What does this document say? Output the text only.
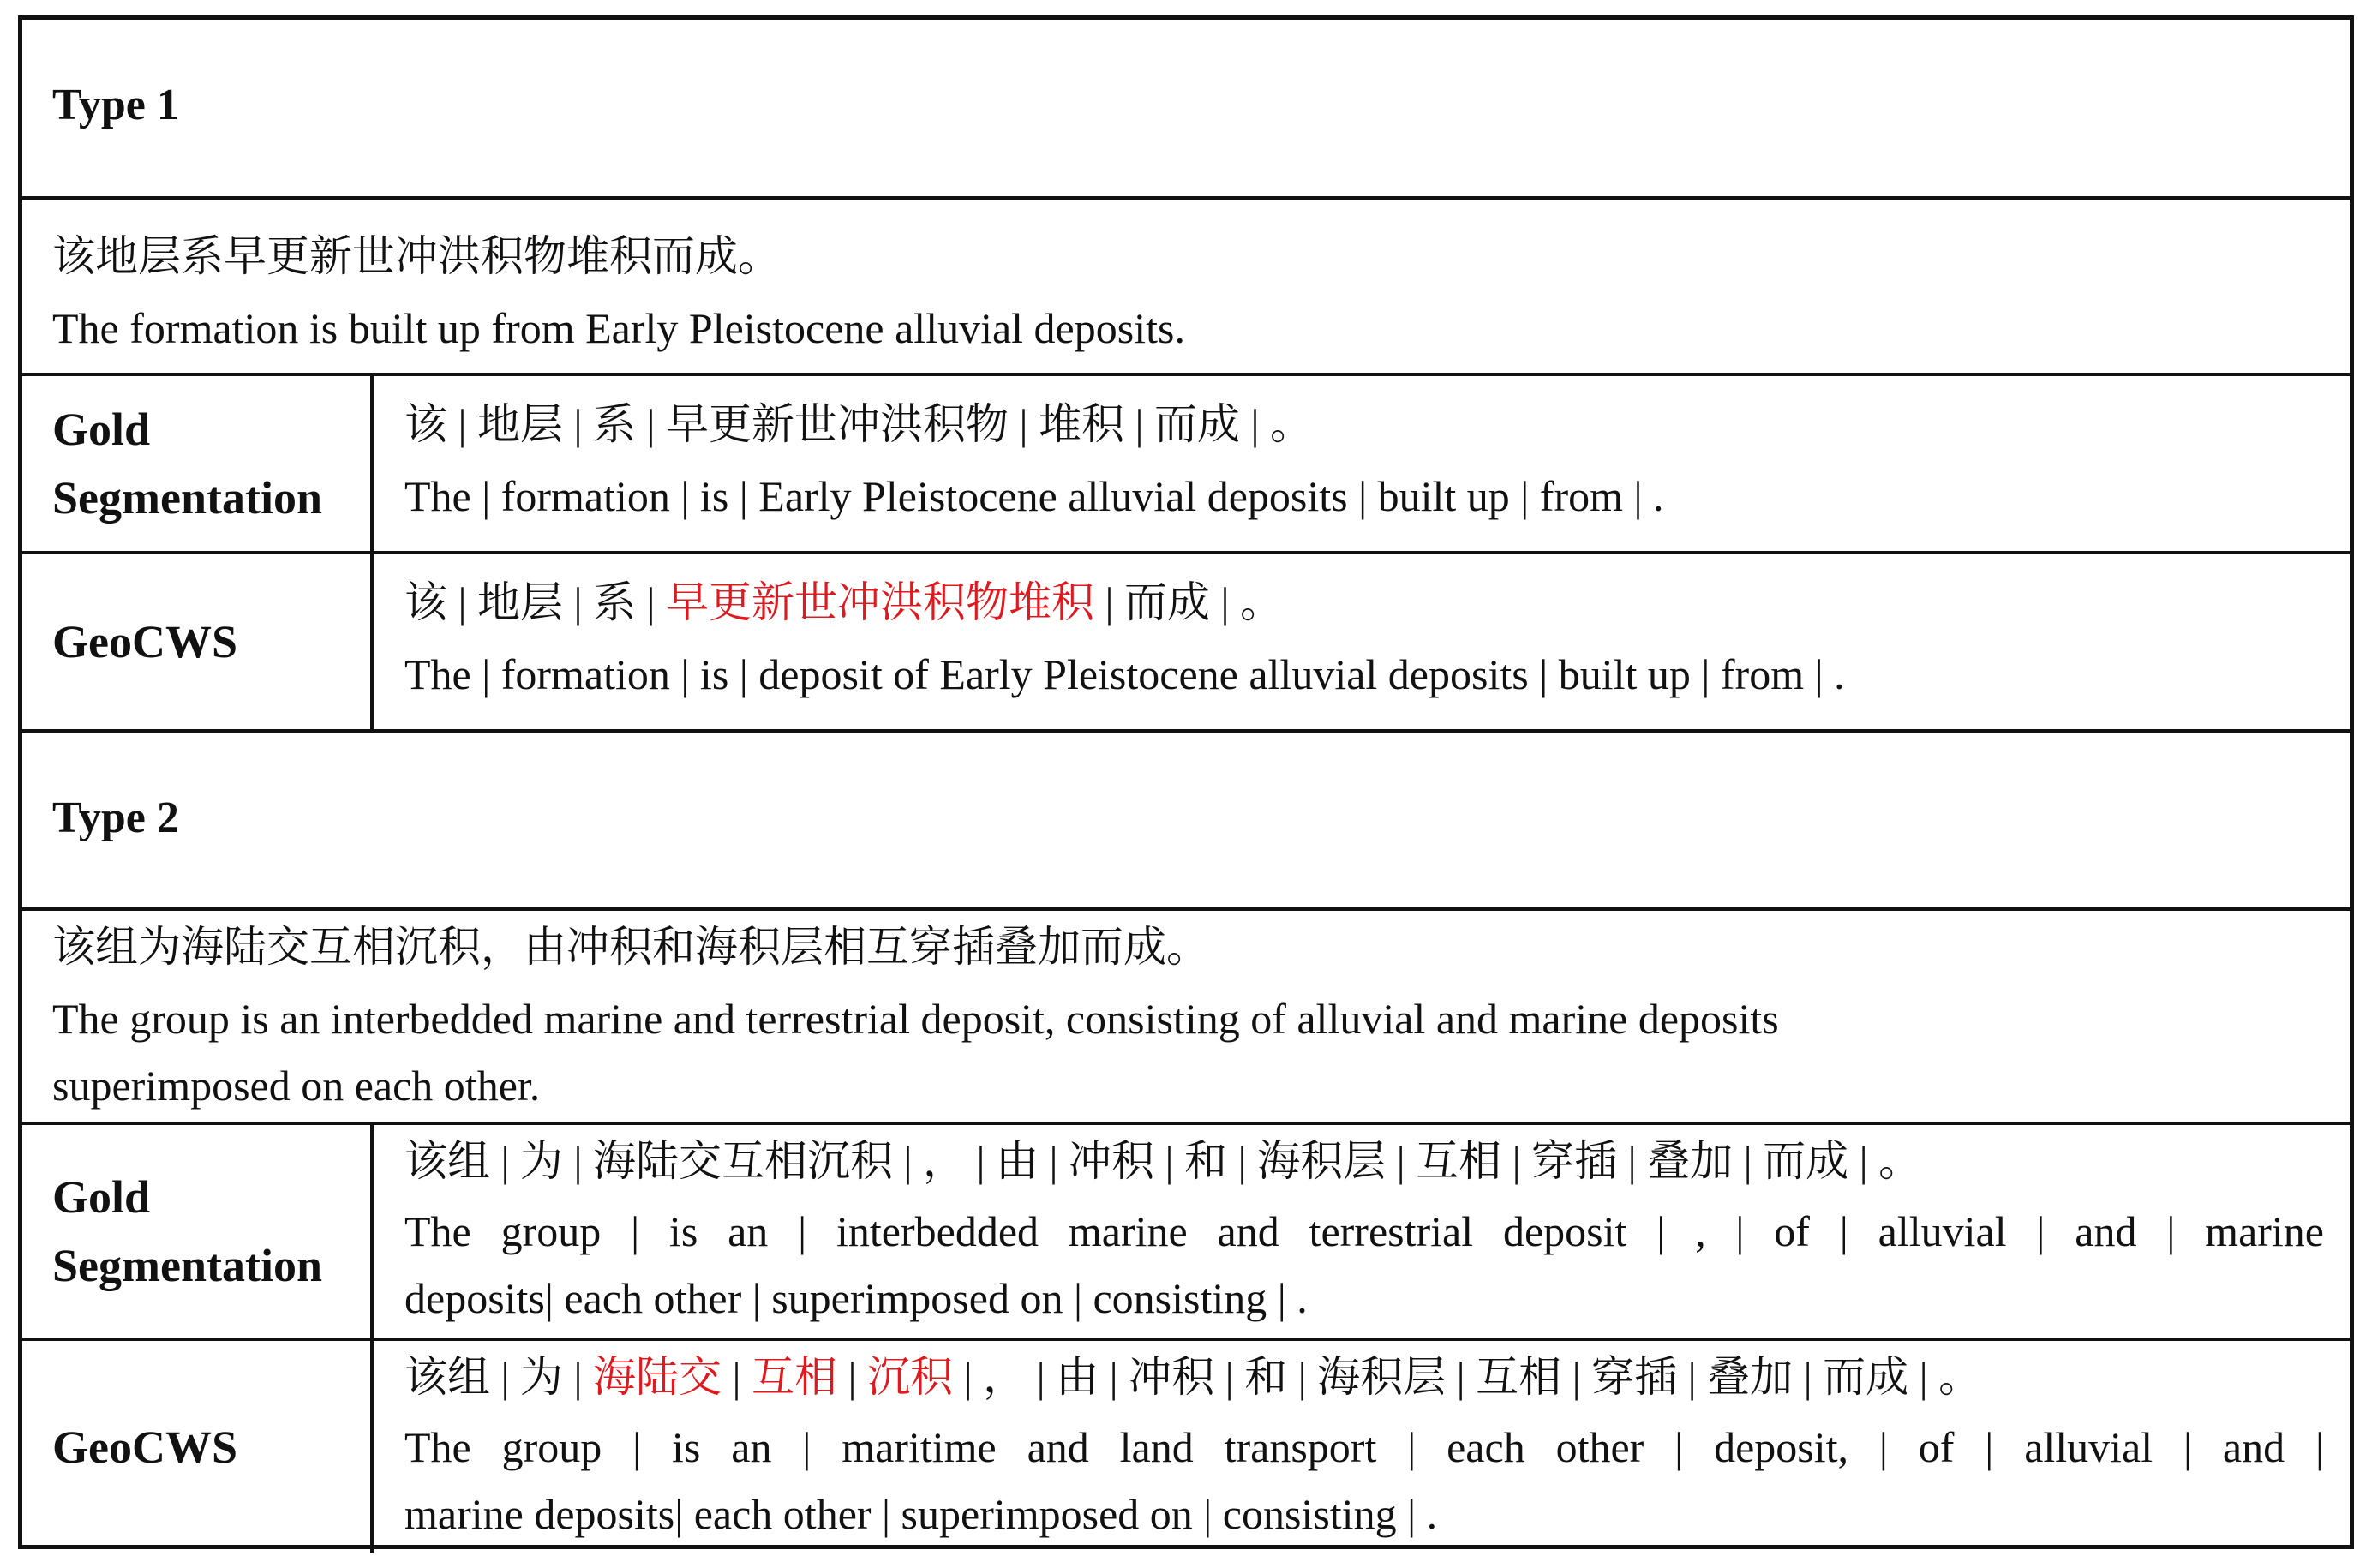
Type 1
该地层系早更新世冲洪积物堆积而成。
The formation is built up from Early Pleistocene alluvial deposits.
Gold
Segmentation
该 | 地层 | 系 | 早更新世冲洪积物 | 堆积 | 而成 | 。
The | formation | is | Early Pleistocene alluvial deposits | built up | from | .
GeoCWS
该 | 地层 | 系 | 早更新世冲洪积物堆积 | 而成 | 。
The | formation | is | deposit of Early Pleistocene alluvial deposits | built up | from | .
Type 2
该组为海陆交互相沉积，由冲积和海积层相互穿插叠加而成。
The group is an interbedded marine and terrestrial deposit, consisting of alluvial and marine deposits
superimposed on each other.
Gold
Segmentation
该组 | 为 | 海陆交互相沉积 | ， | 由 | 冲积 | 和 | 海积层 | 互相 | 穿插 | 叠加 | 而成 | 。
The group | is an | interbedded marine and terrestrial deposit | , | of | alluvial | and | marine
deposits| each other | superimposed on | consisting | .
GeoCWS
该组 | 为 | 海陆交 | 互相 | 沉积 | ， | 由 | 冲积 | 和 | 海积层 | 互相 | 穿插 | 叠加 | 而成 | 。
The group | is an | maritime and land transport | each other | deposit, | of | alluvial | and |
marine deposits| each other | superimposed on | consisting | .
